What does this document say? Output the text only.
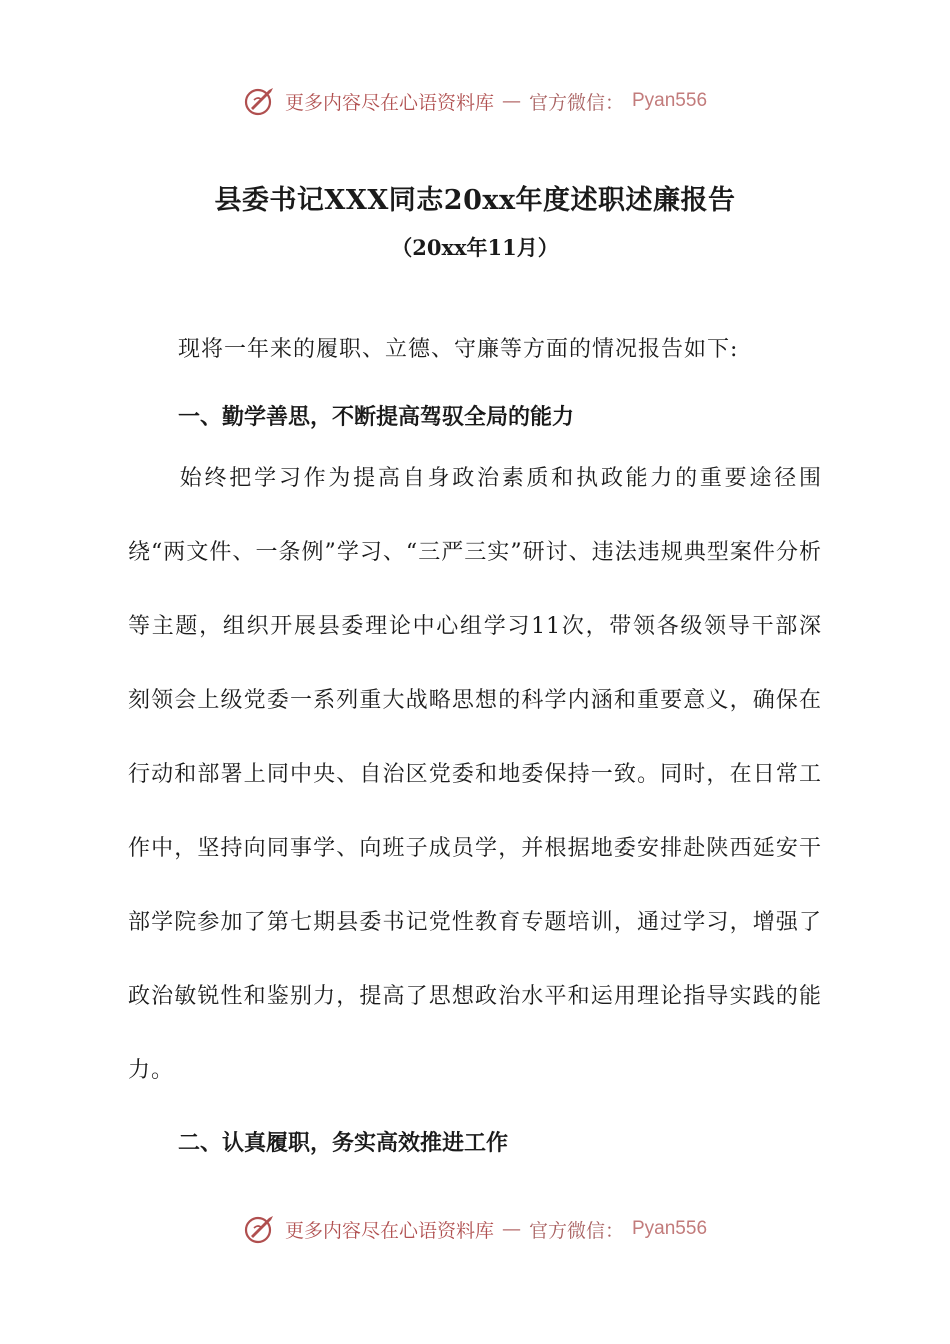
更多内容尽在心语资料库 — 官方微信： Pyan556
县委书记XXX同志20xx年度述职述廉报告
（20xx年11月）
现将一年来的履职、立德、守廉等方面的情况报告如下:
一、勤学善思，不断提高驾驭全局的能力
始终把学习作为提高自身政治素质和执政能力的重要途径围绕“两文件、一条例”学习、“三严三实”研讨、违法违规典型案件分析等主题，组织开展县委理论中心组学习11次，带领各级领导干部深刻领会上级党委一系列重大战略思想的科学内涵和重要意义，确保在行动和部署上同中央、自治区党委和地委保持一致。同时，在日常工作中，坚持向同事学、向班子成员学，并根据地委安排赴陕西延安干部学院参加了第七期县委书记党性教育专题培训，通过学习，增强了政治敏锐性和鉴别力，提高了思想政治水平和运用理论指导实践的能力。
二、认真履职，务实高效推进工作
更多内容尽在心语资料库 — 官方微信： Pyan556
